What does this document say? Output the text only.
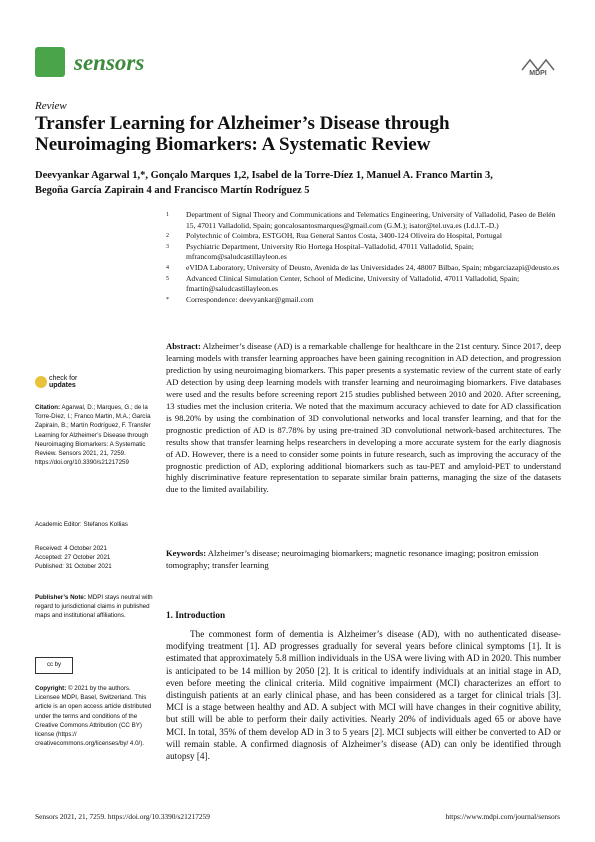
sensors	MDPI
Review
Transfer Learning for Alzheimer’s Disease through Neuroimaging Biomarkers: A Systematic Review
Deevyankar Agarwal 1,*, Gonçalo Marques 1,2, Isabel de la Torre-Díez 1, Manuel A. Franco Martin 3,
Begoña García Zapirain 4 and Francisco Martín Rodríguez 5
1 Department of Signal Theory and Communications and Telematics Engineering, University of Valladolid, Paseo de Belén 15, 47011 Valladolid, Spain; goncalosantosmarques@gmail.com (G.M.); isator@tel.uva.es (I.d.l.T.-D.)
2 Polytechnic of Coimbra, ESTGOH, Rua General Santos Costa, 3400-124 Oliveira do Hospital, Portugal
3 Psychiatric Department, University Rio Hortega Hospital–Valladolid, 47011 Valladolid, Spain; mfrancom@saludcastillayleon.es
4 eVIDA Laboratory, University of Deusto, Avenida de las Universidades 24, 48007 Bilbao, Spain; mbgarciazapi@deusto.es
5 Advanced Clinical Simulation Center, School of Medicine, University of Valladolid, 47011 Valladolid, Spain; fmartin@saludcastillayleon.es
* Correspondence: deevyankar@gmail.com
Abstract: Alzheimer’s disease (AD) is a remarkable challenge for healthcare in the 21st century. Since 2017, deep learning models with transfer learning approaches have been gaining recognition in AD detection, and progression prediction by using neuroimaging biomarkers. This paper presents a systematic review of the current state of early AD detection by using deep learning models with transfer learning and neuroimaging biomarkers. Five databases were used and the results before screening report 215 studies published between 2010 and 2020. After screening, 13 studies met the inclusion criteria. We noted that the maximum accuracy achieved to date for AD classification is 98.20% by using the combination of 3D convolutional networks and local transfer learning, and that for the prognostic prediction of AD is 87.78% by using pre-trained 3D convolutional network-based architectures. The results show that transfer learning helps researchers in developing a more accurate system for the early diagnosis of AD. However, there is a need to consider some points in future research, such as improving the accuracy of the prognostic prediction of AD, exploring additional biomarkers such as tau-PET and amyloid-PET to understand highly discriminative feature representation to separate similar brain patterns, managing the size of the datasets due to the limited availability.
Keywords: Alzheimer’s disease; neuroimaging biomarkers; magnetic resonance imaging; positron emission tomography; transfer learning
check for
updates
Citation: Agarwal, D.; Marques, G.; de la Torre-Díez, I.; Franco Martin, M.A.; García Zapiraín, B.; Martín Rodríguez, F. Transfer Learning for Alzheimer’s Disease through Neuroimaging Biomarkers: A Systematic Review. Sensors 2021, 21, 7259. https://doi.org/10.3390/s21217259
Academic Editor: Stefanos Kollias
Received: 4 October 2021
Accepted: 27 October 2021
Published: 31 October 2021
Publisher’s Note: MDPI stays neutral with regard to jurisdictional claims in published maps and institutional affiliations.
cc by
Copyright: © 2021 by the authors. Licensee MDPI, Basel, Switzerland. This article is an open access article distributed under the terms and conditions of the Creative Commons Attribution (CC BY) license (https:// creativecommons.org/licenses/by/ 4.0/).
1. Introduction
The commonest form of dementia is Alzheimer’s disease (AD), with no authenticated disease-modifying treatment [1]. AD progresses gradually for several years before clinical symptoms [1]. It is estimated that approximately 5.8 million individuals in the USA were living with AD in 2020. This number is anticipated to be 14 million by 2050 [2]. It is critical to identify individuals at an initial stage in AD, even before meeting the clinical criteria. Mild cognitive impairment (MCI) characterizes an effort to distinguish patients at an early clinical phase, and has been considered as a target for clinical trials [3]. MCI is a stage between healthy and AD. A subject with MCI will have changes in their cognitive ability, but still will be able to perform their daily activities. Nearly 20% of individuals aged 65 or above have MCI. In total, 35% of them develop AD in 3 to 5 years [2]. MCI subjects will either be converted to AD or will remain stable. A confirmed diagnosis of Alzheimer’s disease (AD) can only be identified through autopsy [4].
Sensors 2021, 21, 7259. https://doi.org/10.3390/s21217259	https://www.mdpi.com/journal/sensors
